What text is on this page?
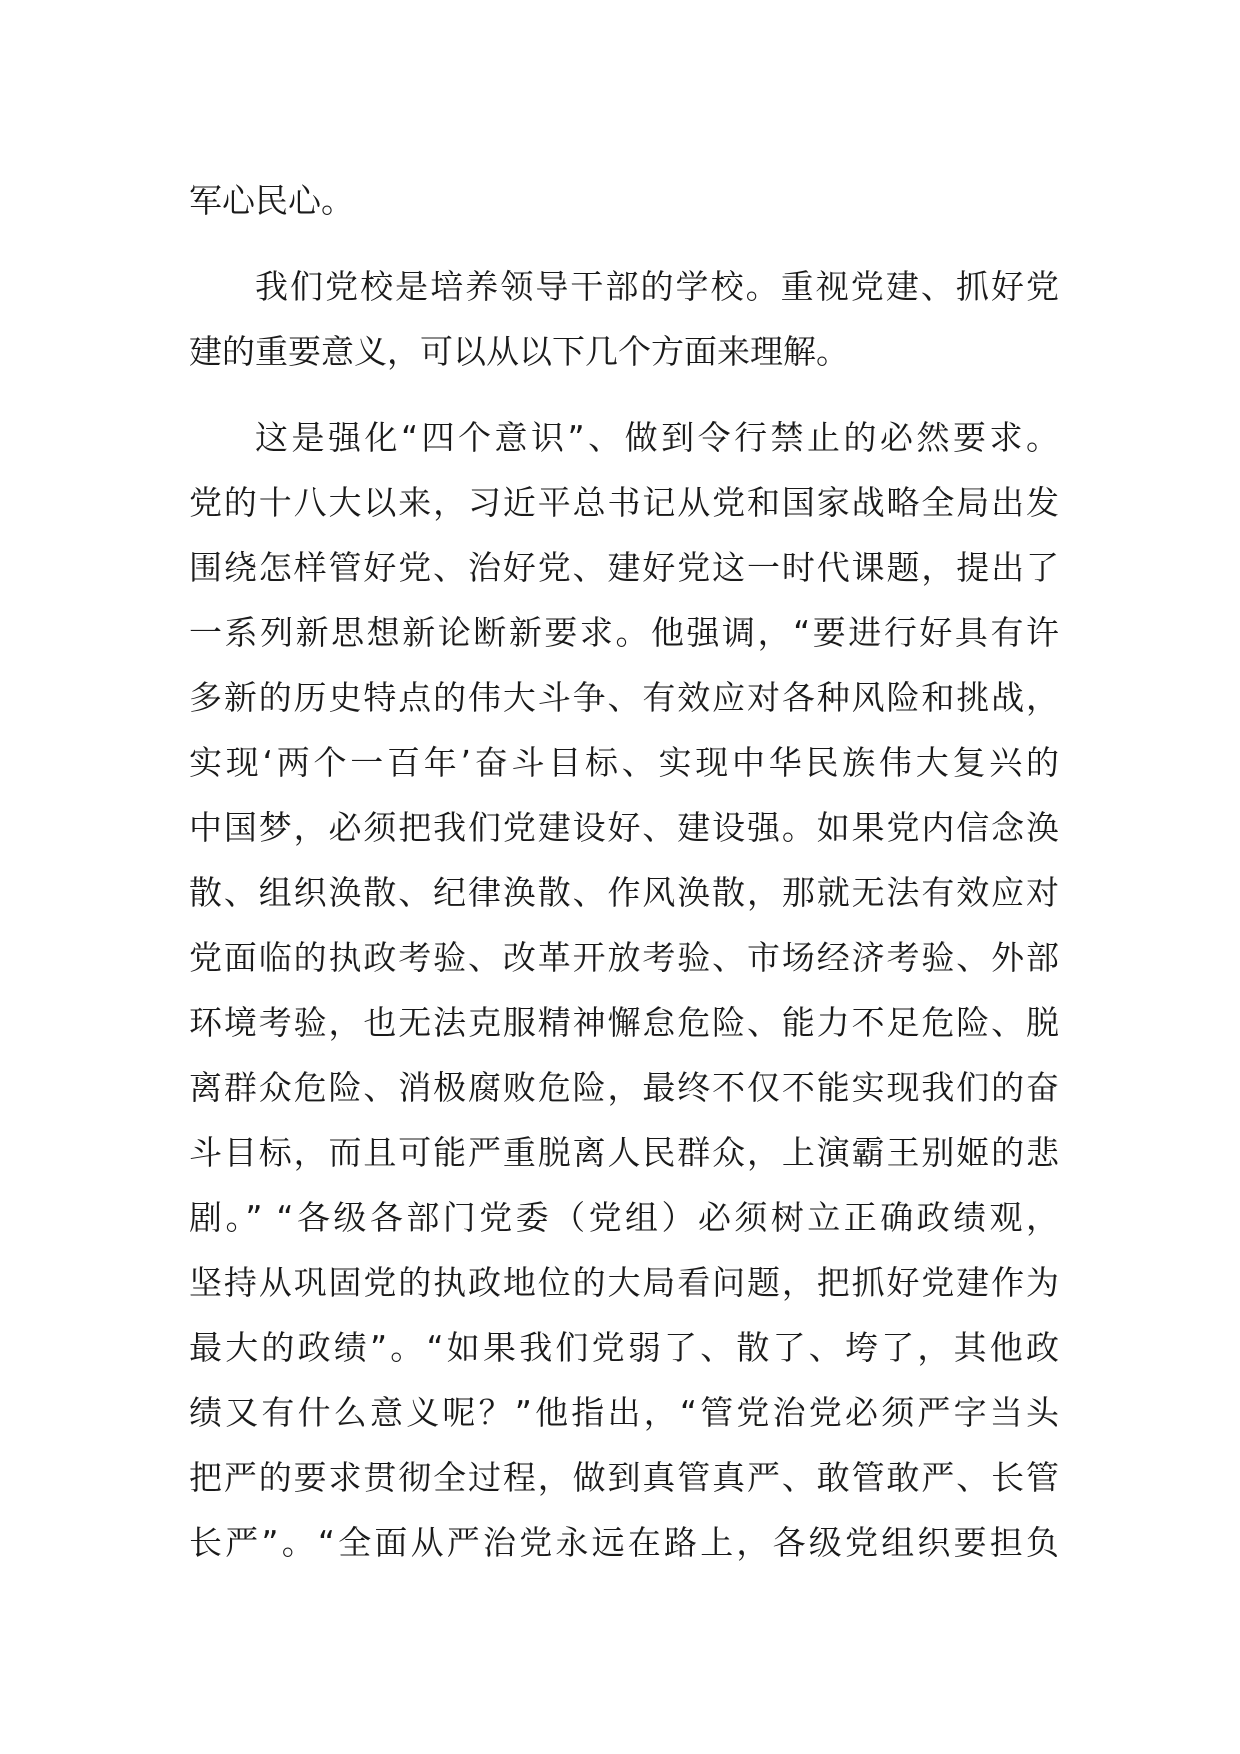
军心民心。
我们党校是培养领导干部的学校。重视党建、抓好党
建的重要意义，可以从以下几个方面来理解。
这是强化“四个意识”、做到令行禁止的必然要求。
党的十八大以来，习近平总书记从党和国家战略全局出发
围绕怎样管好党、治好党、建好党这一时代课题，提出了
一系列新思想新论断新要求。他强调，“要进行好具有许
多新的历史特点的伟大斗争、有效应对各种风险和挑战，
实现‘两个一百年’奋斗目标、实现中华民族伟大复兴的
中国梦，必须把我们党建设好、建设强。如果党内信念涣
散、组织涣散、纪律涣散、作风涣散，那就无法有效应对
党面临的执政考验、改革开放考验、市场经济考验、外部
环境考验，也无法克服精神懈怠危险、能力不足危险、脱
离群众危险、消极腐败危险，最终不仅不能实现我们的奋
斗目标，而且可能严重脱离人民群众，上演霸王别姬的悲
剧。” “各级各部门党委（党组）必须树立正确政绩观，
坚持从巩固党的执政地位的大局看问题，把抓好党建作为
最大的政绩”。“如果我们党弱了、散了、垮了，其他政
绩又有什么意义呢？”他指出，“管党治党必须严字当头
把严的要求贯彻全过程，做到真管真严、敢管敢严、长管
长严”。“全面从严治党永远在路上，各级党组织要担负
